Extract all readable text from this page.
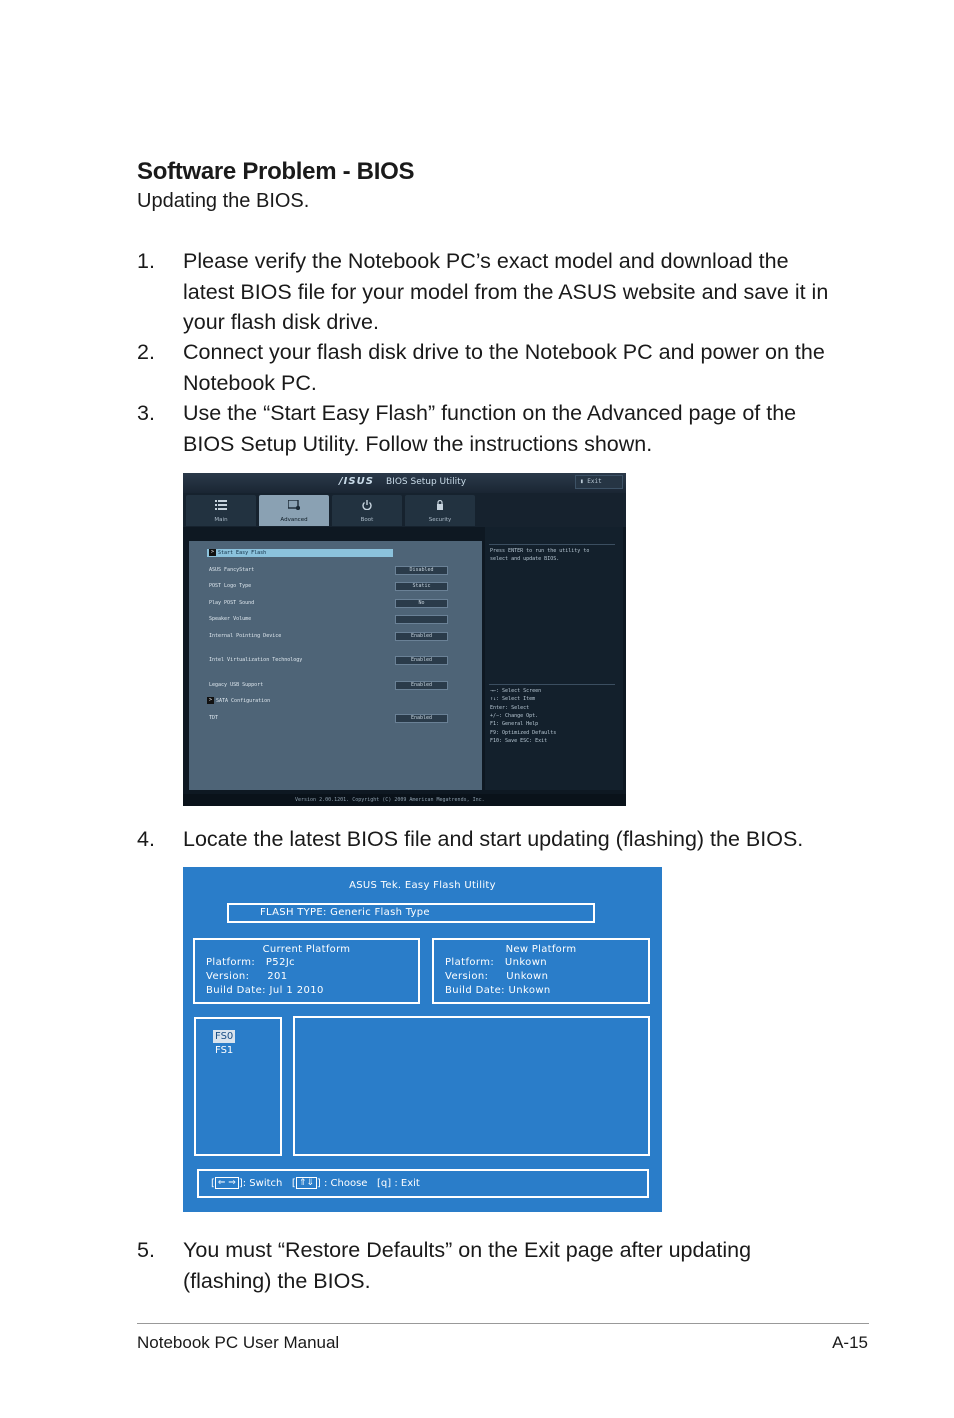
Software Problem - BIOS
Updating the BIOS.
1. Please verify the Notebook PC’s exact model and download the latest BIOS file for your model from the ASUS website and save it in your flash disk drive.
2. Connect your flash disk drive to the Notebook PC and power on the Notebook PC.
3. Use the “Start Easy Flash” function on the Advanced page of the BIOS Setup Utility. Follow the instructions shown.
/ISUS BIOS Setup Utility	▮ Exit
Main	Advanced	Boot	Security
> Start Easy Flash
ASUS FancyStart	Disabled
POST Logo Type	Static
Play POST Sound	No
Speaker Volume
Internal Pointing Device	Enabled
Intel Virtualization Technology	Enabled
Legacy USB Support	Enabled
> SATA Configuration
TDT	Enabled
Press ENTER to run the utility to
select and update BIOS.
→←: Select Screen
↑↓: Select Item
Enter: Select
+/−: Change Opt.
F1: General Help
F9: Optimized Defaults
F10: Save ESC: Exit
Version 2.00.1201. Copyright (C) 2009 American Megatrends, Inc.
4. Locate the latest BIOS file and start updating (flashing) the BIOS.
ASUS Tek. Easy Flash Utility
FLASH TYPE: Generic Flash Type
Current Platform
Platform:   P52Jc
Version:     201
Build Date: Jul 1 2010
New Platform
Platform:   Unkown
Version:     Unkown
Build Date: Unkown
FS0
FS1
[ ⇐ ⇒ ]: Switch   [ ⇑⇓ ] : Choose [q] : Exit
5. You must “Restore Defaults” on the Exit page after updating (flashing) the BIOS.
Notebook PC User Manual	A-15
